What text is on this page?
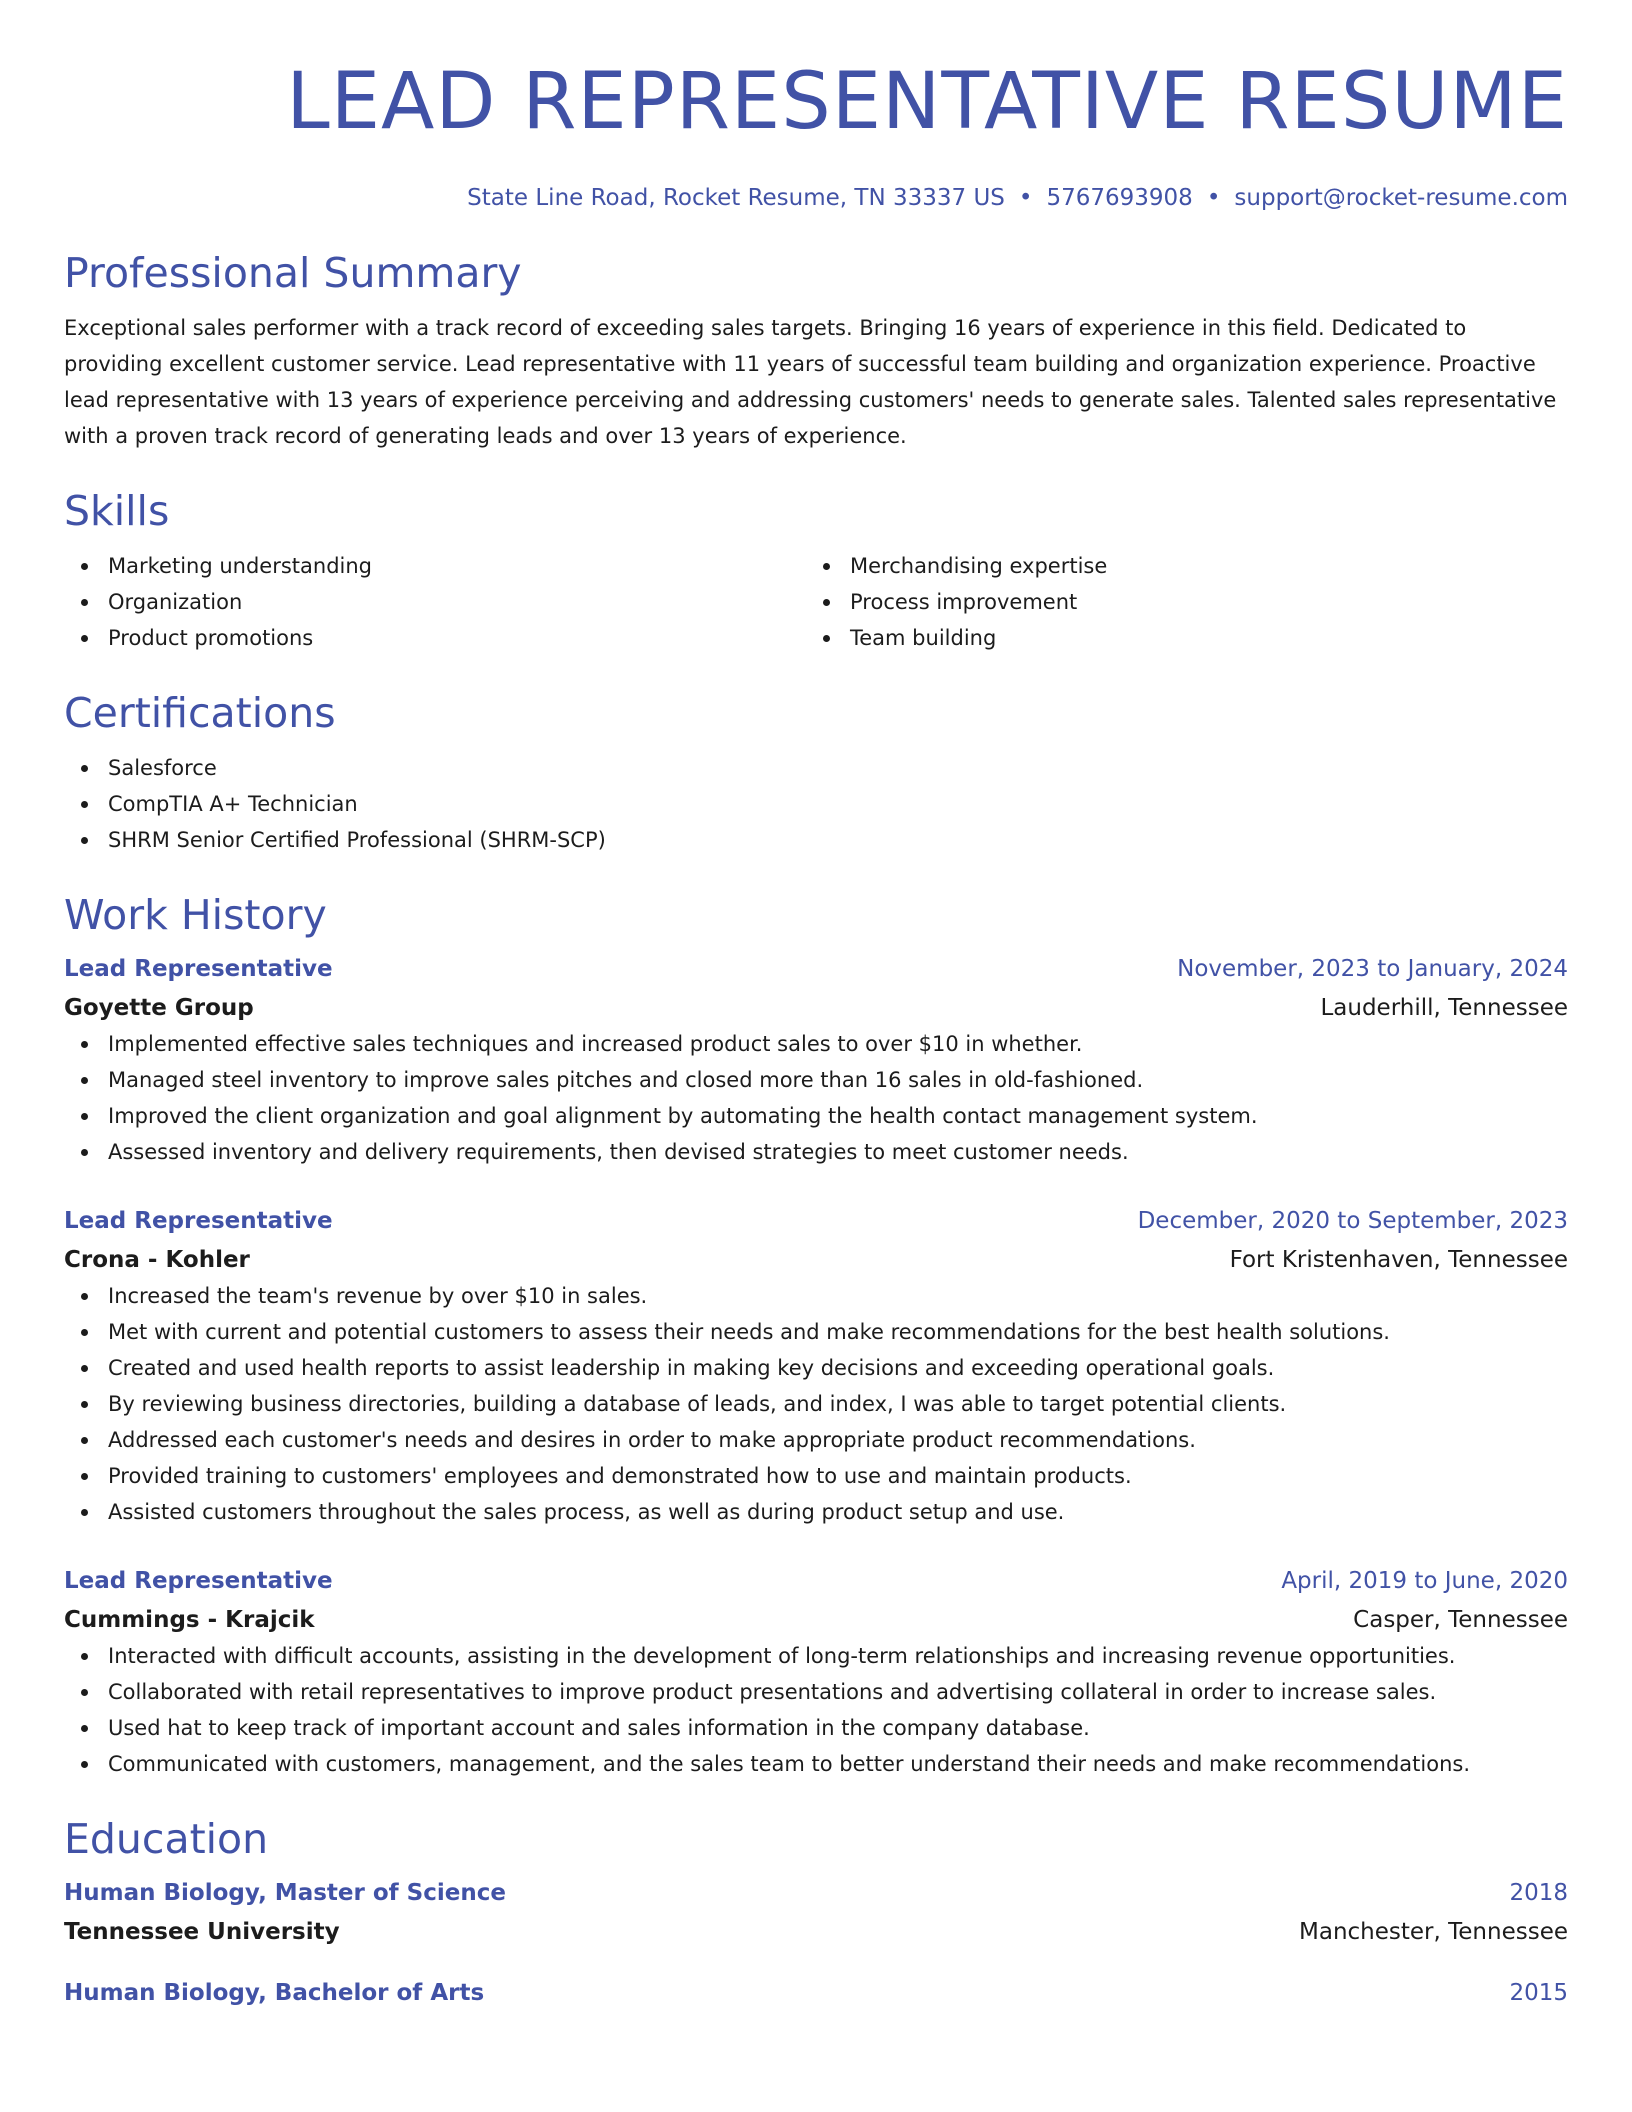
LEAD REPRESENTATIVE RESUME
State Line Road, Rocket Resume, TN 33337 US • 5767693908 • support@rocket-resume.com
Professional Summary

Exceptional sales performer with a track record of exceeding sales targets. Bringing 16 years of experience in this field. Dedicated to providing excellent customer service. Lead representative with 11 years of successful team building and organization experience. Proactive lead representative with 13 years of experience perceiving and addressing customers' needs to generate sales. Talented sales representative with a proven track record of generating leads and over 13 years of experience.

Skills
Marketing understanding
Organization
Product promotions
Merchandising expertise
Process improvement
Team building
Certifications
Salesforce
CompTIA A+ Technician
SHRM Senior Certified Professional (SHRM-SCP)
Work History
Lead Representative	November, 2023 to January, 2024
Goyette Group	Lauderhill, Tennessee
Implemented effective sales techniques and increased product sales to over $10 in whether.
Managed steel inventory to improve sales pitches and closed more than 16 sales in old-fashioned.
Improved the client organization and goal alignment by automating the health contact management system.
Assessed inventory and delivery requirements, then devised strategies to meet customer needs.
Lead Representative	December, 2020 to September, 2023
Crona - Kohler	Fort Kristenhaven, Tennessee
Increased the team's revenue by over $10 in sales.
Met with current and potential customers to assess their needs and make recommendations for the best health solutions.
Created and used health reports to assist leadership in making key decisions and exceeding operational goals.
By reviewing business directories, building a database of leads, and index, I was able to target potential clients.
Addressed each customer's needs and desires in order to make appropriate product recommendations.
Provided training to customers' employees and demonstrated how to use and maintain products.
Assisted customers throughout the sales process, as well as during product setup and use.
Lead Representative	April, 2019 to June, 2020
Cummings - Krajcik	Casper, Tennessee
Interacted with difficult accounts, assisting in the development of long-term relationships and increasing revenue opportunities.
Collaborated with retail representatives to improve product presentations and advertising collateral in order to increase sales.
Used hat to keep track of important account and sales information in the company database.
Communicated with customers, management, and the sales team to better understand their needs and make recommendations.
Education
Human Biology, Master of Science	2018
Tennessee University	Manchester, Tennessee
Human Biology, Bachelor of Arts	2015
